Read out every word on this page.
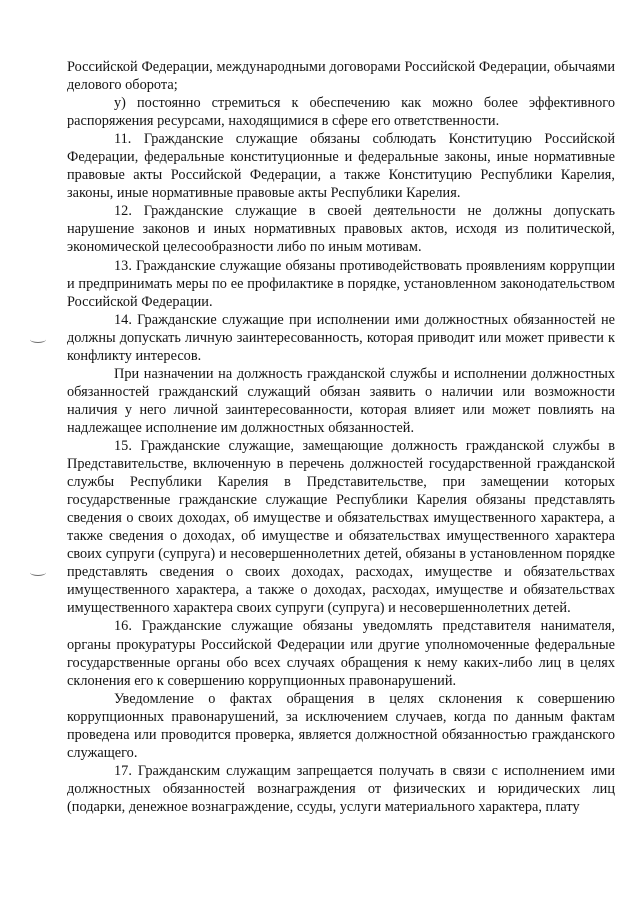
Российской Федерации, международными договорами Российской Федерации, обычаями делового оборота;

у) постоянно стремиться к обеспечению как можно более эффективного распоряжения ресурсами, находящимися в сфере его ответственности.

11. Гражданские служащие обязаны соблюдать Конституцию Российской Федерации, федеральные конституционные и федеральные законы, иные нормативные правовые акты Российской Федерации, а также Конституцию Республики Карелия, законы, иные нормативные правовые акты Республики Карелия.

12. Гражданские служащие в своей деятельности не должны допускать нарушение законов и иных нормативных правовых актов, исходя из политической, экономической целесообразности либо по иным мотивам.

13. Гражданские служащие обязаны противодействовать проявлениям коррупции и предпринимать меры по ее профилактике в порядке, установленном законодательством Российской Федерации.

14. Гражданские служащие при исполнении ими должностных обязанностей не должны допускать личную заинтересованность, которая приводит или может привести к конфликту интересов.

При назначении на должность гражданской службы и исполнении должностных обязанностей гражданский служащий обязан заявить о наличии или возможности наличия у него личной заинтересованности, которая влияет или может повлиять на надлежащее исполнение им должностных обязанностей.

15. Гражданские служащие, замещающие должность гражданской службы в Представительстве, включенную в перечень должностей государственной гражданской службы Республики Карелия в Представительстве, при замещении которых государственные гражданские служащие Республики Карелия обязаны представлять сведения о своих доходах, об имуществе и обязательствах имущественного характера, а также сведения о доходах, об имуществе и обязательствах имущественного характера своих супруги (супруга) и несовершеннолетних детей, обязаны в установленном порядке представлять сведения о своих доходах, расходах, имуществе и обязательствах имущественного характера, а также о доходах, расходах, имуществе и обязательствах имущественного характера своих супруги (супруга) и несовершеннолетних детей.

16. Гражданские служащие обязаны уведомлять представителя нанимателя, органы прокуратуры Российской Федерации или другие уполномоченные федеральные государственные органы обо всех случаях обращения к нему каких-либо лиц в целях склонения его к совершению коррупционных правонарушений.

Уведомление о фактах обращения в целях склонения к совершению коррупционных правонарушений, за исключением случаев, когда по данным фактам проведена или проводится проверка, является должностной обязанностью гражданского служащего.

17. Гражданским служащим запрещается получать в связи с исполнением ими должностных обязанностей вознаграждения от физических и юридических лиц (подарки, денежное вознаграждение, ссуды, услуги материального характера, плату
